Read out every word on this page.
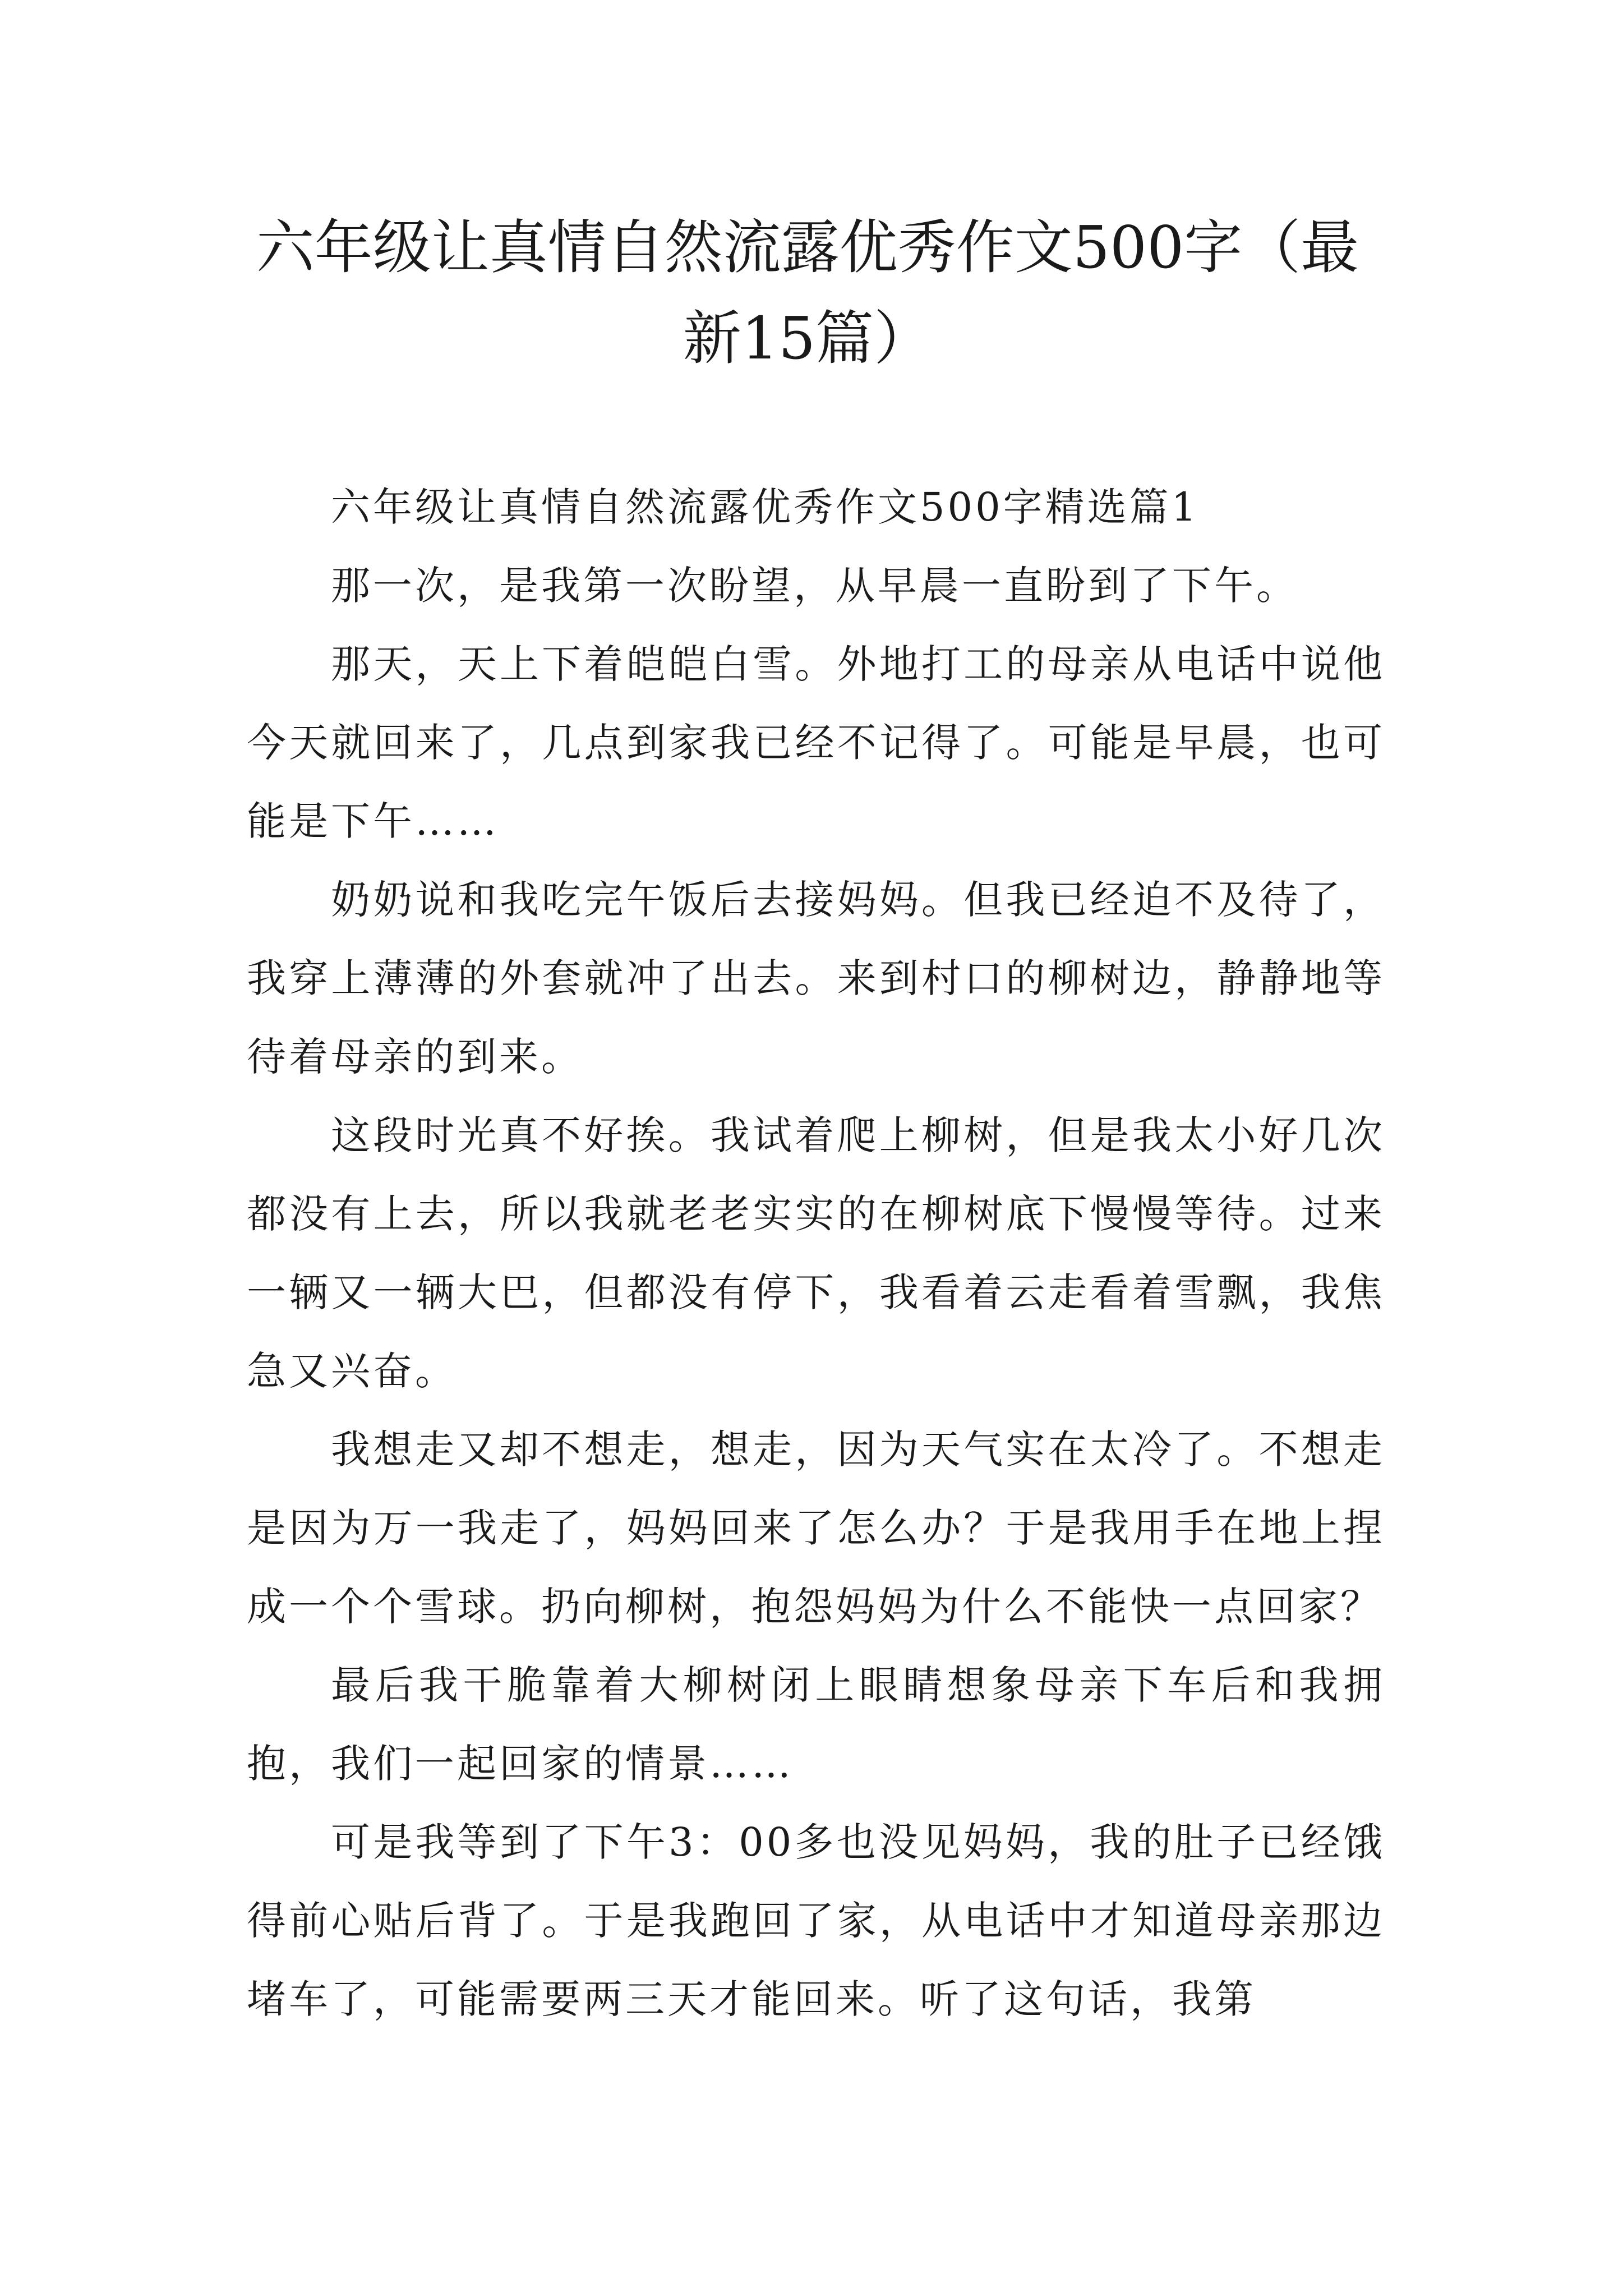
六年级让真情自然流露优秀作文500字（最新15篇）

六年级让真情自然流露优秀作文500字精选篇1

那一次，是我第一次盼望，从早晨一直盼到了下午。

那天，天上下着皑皑白雪。外地打工的母亲从电话中说他今天就回来了，几点到家我已经不记得了。可能是早晨，也可能是下午……

奶奶说和我吃完午饭后去接妈妈。但我已经迫不及待了，我穿上薄薄的外套就冲了出去。来到村口的柳树边，静静地等待着母亲的到来。

这段时光真不好挨。我试着爬上柳树，但是我太小好几次都没有上去，所以我就老老实实的在柳树底下慢慢等待。过来一辆又一辆大巴，但都没有停下，我看着云走看着雪飘，我焦急又兴奋。

我想走又却不想走，想走，因为天气实在太冷了。不想走是因为万一我走了，妈妈回来了怎么办？于是我用手在地上捏成一个个雪球。扔向柳树，抱怨妈妈为什么不能快一点回家？

最后我干脆靠着大柳树闭上眼睛想象母亲下车后和我拥抱，我们一起回家的情景……

可是我等到了下午3：00多也没见妈妈，我的肚子已经饿得前心贴后背了。于是我跑回了家，从电话中才知道母亲那边堵车了，可能需要两三天才能回来。听了这句话，我第
